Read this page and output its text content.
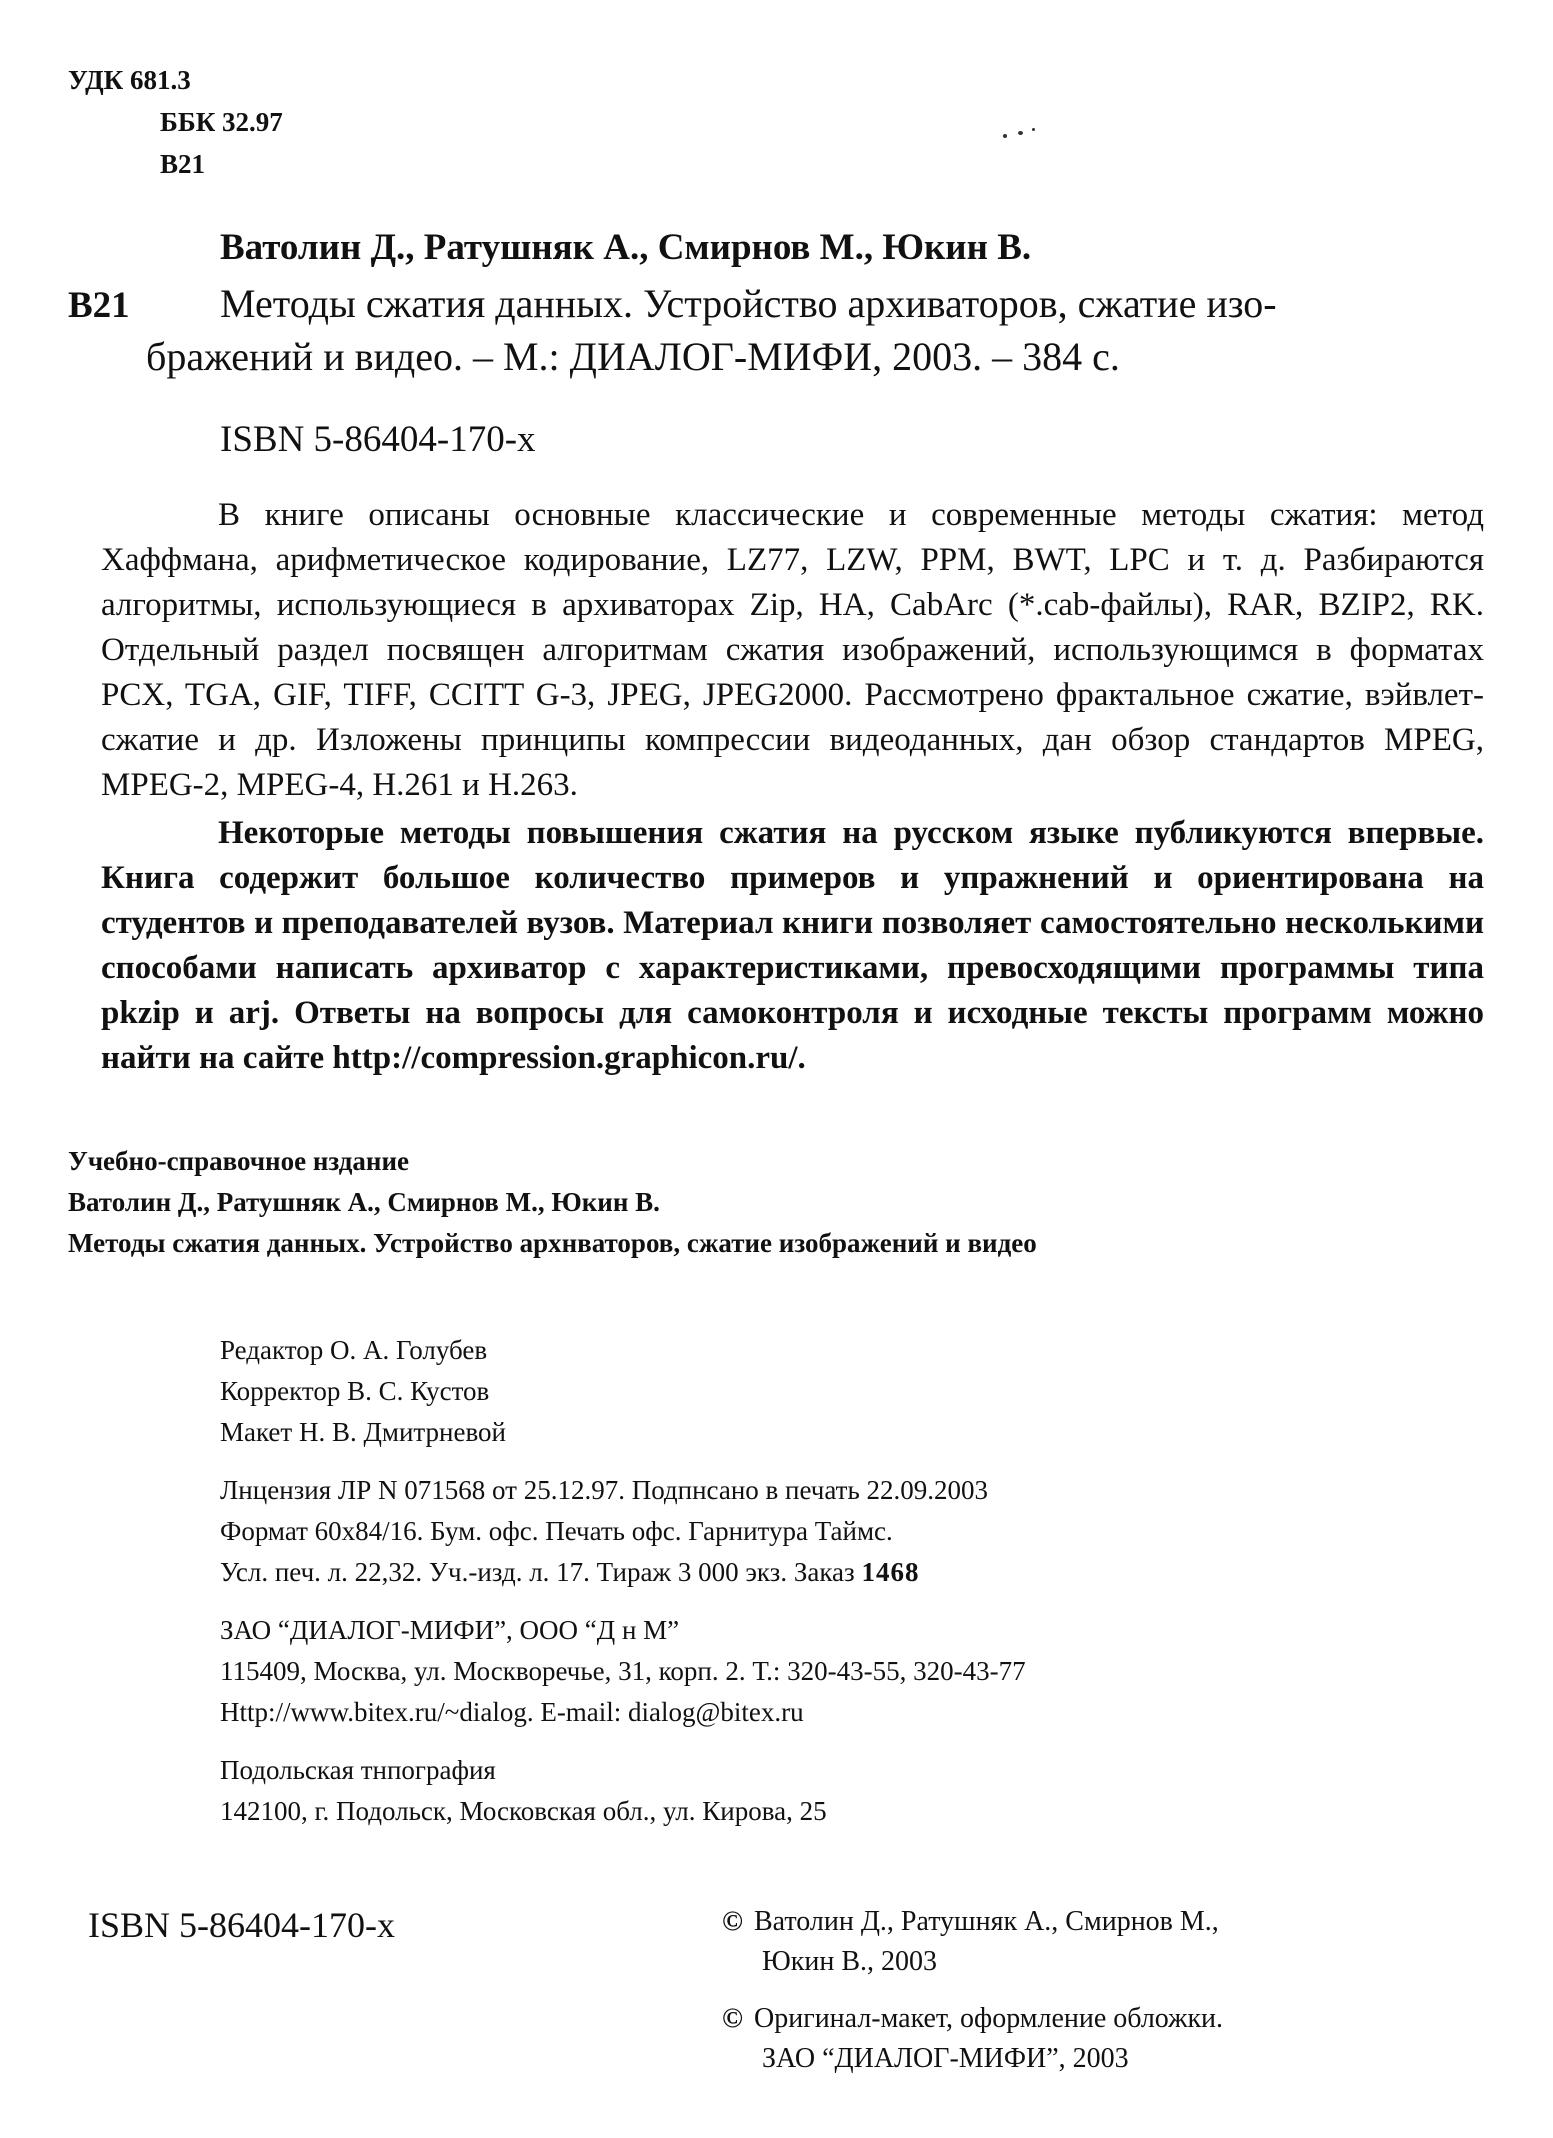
УДК 681.3
ББК 32.97
В21
Ватолин Д., Ратушняк А., Смирнов М., Юкин В.
В21 Методы сжатия данных. Устройство архиваторов, сжатие изо-
бражений и видео. – М.: ДИАЛОГ-МИФИ, 2003. – 384 с.
ISBN 5-86404-170-х

В книге описаны основные классические и современные методы сжатия: метод Хаффмана, арифметическое кодирование, LZ77, LZW, PPM, BWT, LPC и т. д. Разбираются алгоритмы, использующиеся в архиваторах Zip, HA, CabArc (*.cab-файлы), RAR, BZIP2, RK. Отдельный раздел посвящен алгоритмам сжатия изображений, использующимся в форматах PCX, TGA, GIF, TIFF, CCITT G-3, JPEG, JPEG2000. Рассмотрено фрактальное сжатие, вэйвлет-сжатие и др. Изложены принципы компрессии видеоданных, дан обзор стандартов MPEG, MPEG-2, MPEG-4, H.261 и H.263.

Некоторые методы повышения сжатия на русском языке публикуются впервые. Книга содержит большое количество примеров и упражнений и ориентирована на студентов и преподавателей вузов. Материал книги позволяет самостоятельно несколькими способами написать архиватор с характеристиками, превосходящими программы типа pkzip и arj. Ответы на вопросы для самоконтроля и исходные тексты программ можно найти на сайте http://compression.graphicon.ru/.

Учебно-справочное нздание
Ватолин Д., Ратушняк А., Смирнов М., Юкин В.
Методы сжатия данных. Устройство архнваторов, сжатие изображений и видео
Редактор О. А. Голубев
Корректор В. С. Кустов
Макет Н. В. Дмитрневой
Лнцензия ЛР N 071568 от 25.12.97. Подпнсано в печать 22.09.2003
Формат 60x84/16. Бум. офс. Печать офс. Гарнитура Таймс.
Усл. печ. л. 22,32. Уч.-изд. л. 17. Тираж 3 000 экз. Заказ 1468
ЗАО “ДИАЛОГ-МИФИ”, ООО “Д н М”
115409, Москва, ул. Москворечье, 31, корп. 2. Т.: 320-43-55, 320-43-77
Http://www.bitex.ru/~dialog. E-mail: dialog@bitex.ru
Подольская тнпография
142100, г. Подольск, Московская обл., ул. Кирова, 25
ISBN 5-86404-170-х	© Ватолин Д., Ратушняк А., Смирнов М.,
Юкин В., 2003
© Оригинал-макет, оформление обложки.
ЗАО “ДИАЛОГ-МИФИ”, 2003
